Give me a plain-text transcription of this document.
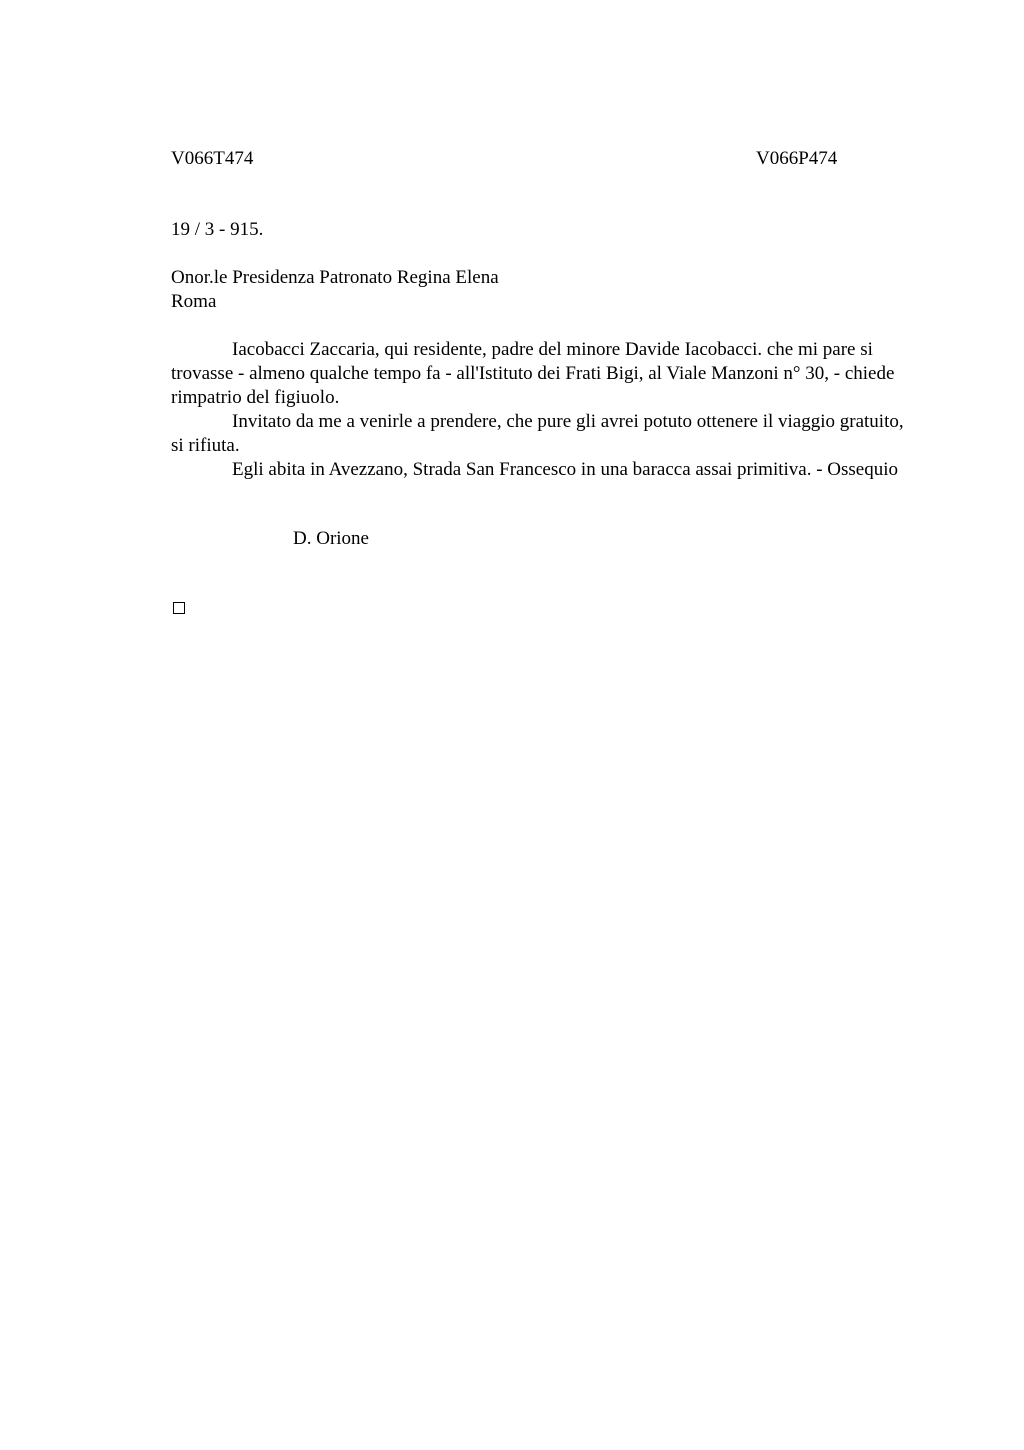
V066T474	V066P474
19 / 3 - 915.
Onor.le Presidenza Patronato Regina Elena
Roma

Iacobacci Zaccaria, qui residente, padre del minore Davide Iacobacci. che mi pare si trovasse - almeno qualche tempo fa - all'Istituto dei Frati Bigi, al Viale Manzoni n° 30, - chiede rimpatrio del figiuolo.

Invitato da me a venirle a prendere, che pure gli avrei potuto ottenere il viaggio gratuito, si rifiuta.

Egli abita in Avezzano, Strada San Francesco in una baracca assai primitiva. - Ossequio

D. Orione
